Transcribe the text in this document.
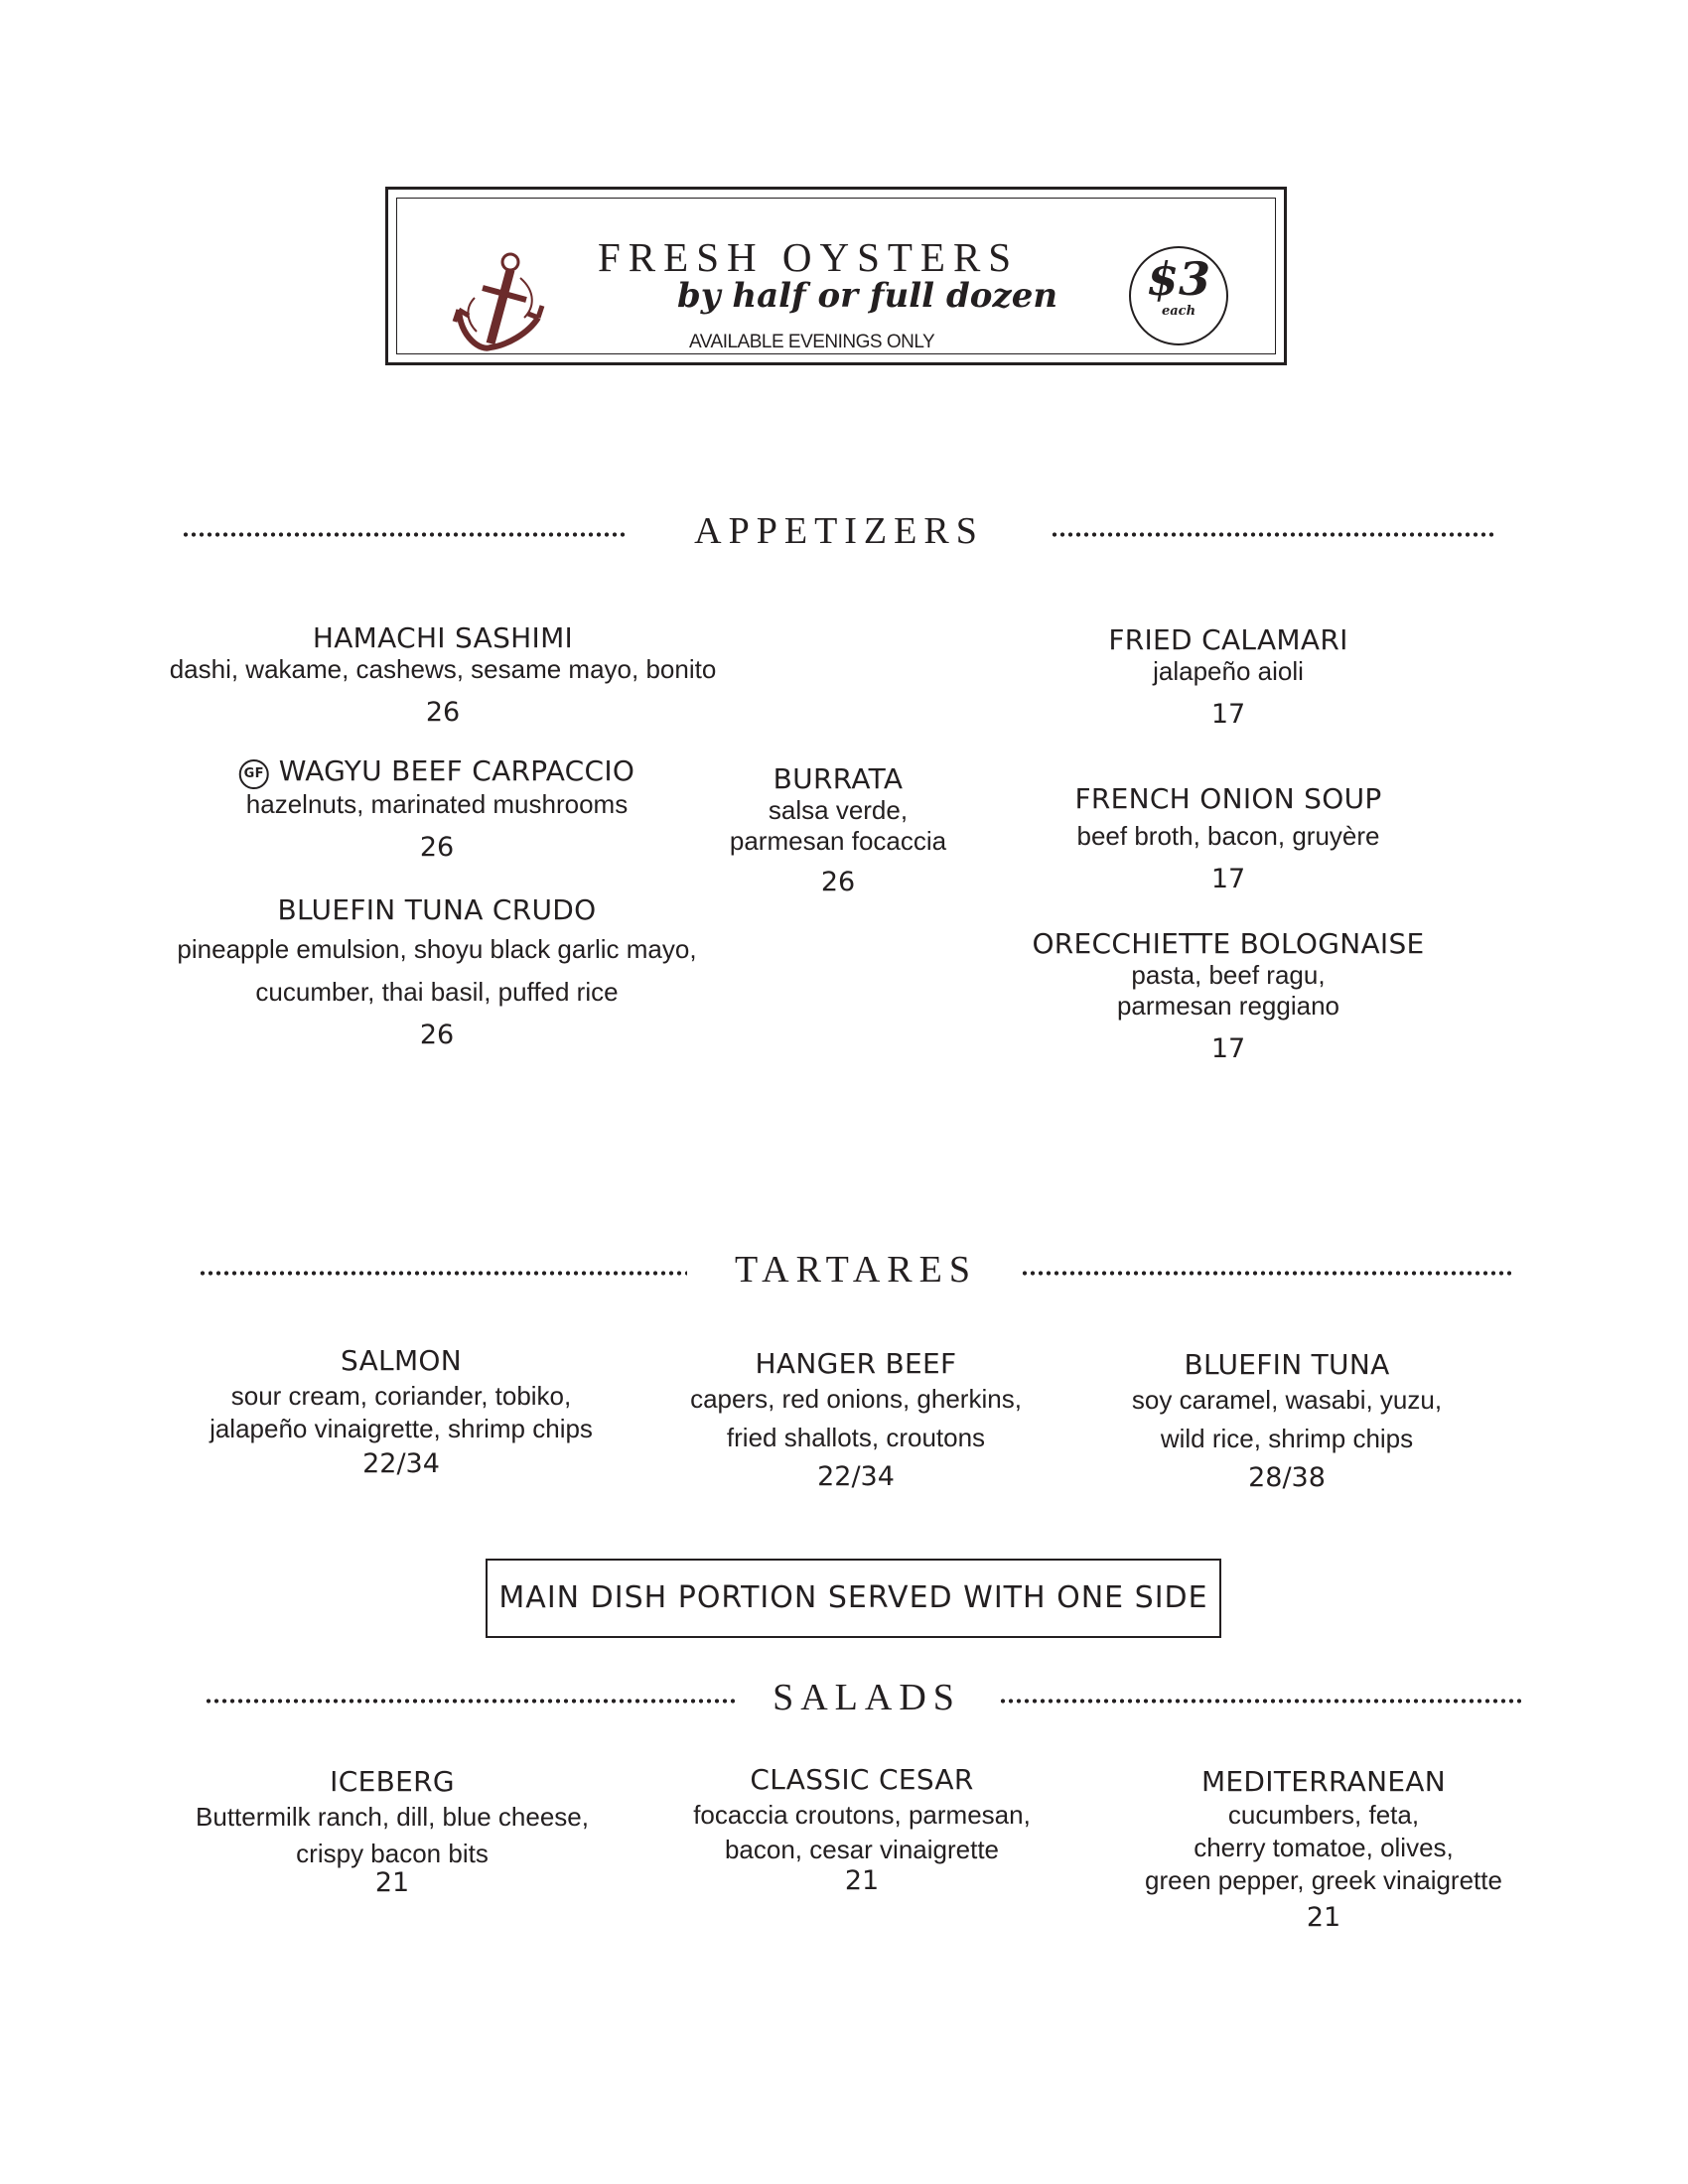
FRESH OYSTERS
by half or full dozen
AVAILABLE EVENINGS ONLY
$3
each
APPETIZERS
HAMACHI SASHIMI
dashi, wakame, cashews, sesame mayo, bonito
26
GF WAGYU BEEF CARPACCIO
hazelnuts, marinated mushrooms
26
BLUEFIN TUNA CRUDO
pineapple emulsion, shoyu black garlic mayo,
cucumber, thai basil, puffed rice
26
BURRATA
salsa verde,
parmesan focaccia
26
FRIED CALAMARI
jalapeño aioli
17
FRENCH ONION SOUP
beef broth, bacon, gruyère
17
ORECCHIETTE BOLOGNAISE
pasta, beef ragu,
parmesan reggiano
17
TARTARES
SALMON
sour cream, coriander, tobiko,
jalapeño vinaigrette, shrimp chips
22/34
HANGER BEEF
capers, red onions, gherkins,
fried shallots, croutons
22/34
BLUEFIN TUNA
soy caramel, wasabi, yuzu,
wild rice, shrimp chips
28/38
MAIN DISH PORTION SERVED WITH ONE SIDE
SALADS
ICEBERG
Buttermilk ranch, dill, blue cheese,
crispy bacon bits
21
CLASSIC CESAR
focaccia croutons, parmesan,
bacon, cesar vinaigrette
21
MEDITERRANEAN
cucumbers, feta,
cherry tomatoe, olives,
green pepper, greek vinaigrette
21
